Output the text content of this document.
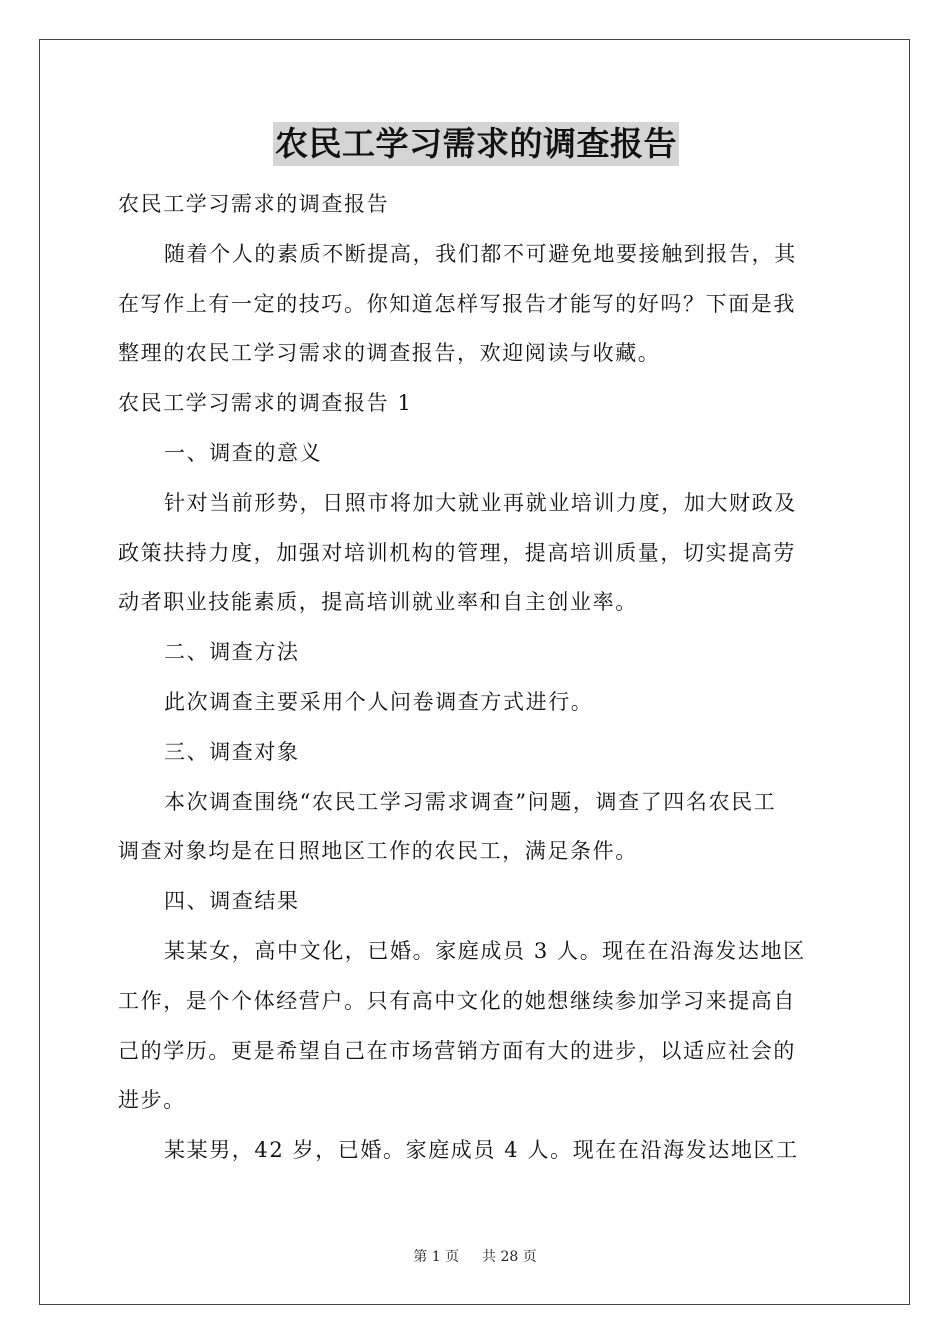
农民工学习需求的调查报告
农民工学习需求的调查报告
随着个人的素质不断提高，我们都不可避免地要接触到报告，其
在写作上有一定的技巧。你知道怎样写报告才能写的好吗？下面是我
整理的农民工学习需求的调查报告，欢迎阅读与收藏。
农民工学习需求的调查报告 1
一、调查的意义
针对当前形势，日照市将加大就业再就业培训力度，加大财政及
政策扶持力度，加强对培训机构的管理，提高培训质量，切实提高劳
动者职业技能素质，提高培训就业率和自主创业率。
二、调查方法
此次调查主要采用个人问卷调查方式进行。
三、调查对象
本次调查围绕“农民工学习需求调查”问题，调查了四名农民工
调查对象均是在日照地区工作的农民工，满足条件。
四、调查结果
某某女，高中文化，已婚。家庭成员 3 人。现在在沿海发达地区
工作，是个个体经营户。只有高中文化的她想继续参加学习来提高自
己的学历。更是希望自己在市场营销方面有大的进步，以适应社会的
进步。
某某男，42 岁，已婚。家庭成员 4 人。现在在沿海发达地区工
第 1 页 共 28 页
